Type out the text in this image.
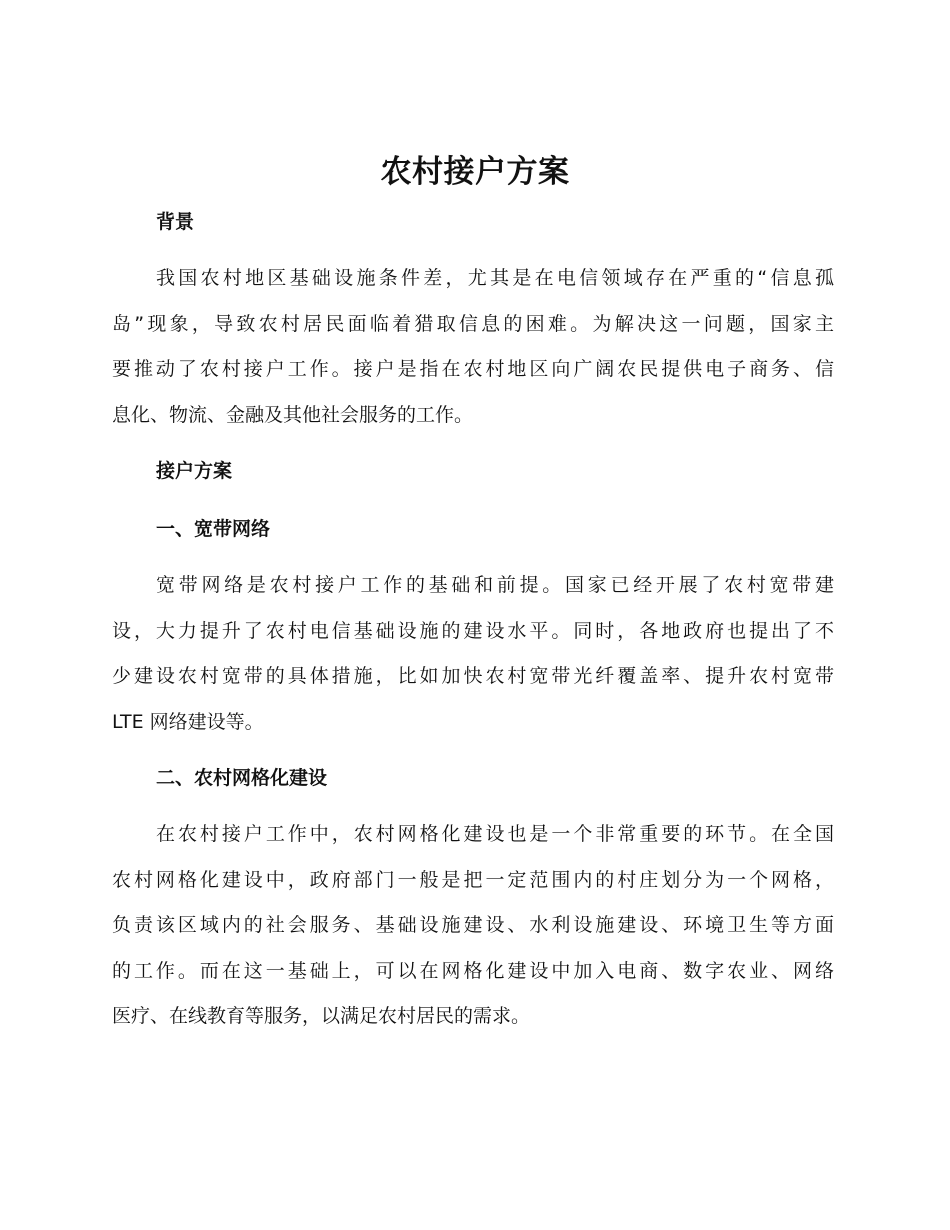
农村接户方案
背景
我国农村地区基础设施条件差，尤其是在电信领域存在严重的“信息孤
岛”现象，导致农村居民面临着猎取信息的困难。为解决这一问题，国家主
要推动了农村接户工作。接户是指在农村地区向广阔农民提供电子商务、信
息化、物流、金融及其他社会服务的工作。
接户方案
一、宽带网络
宽带网络是农村接户工作的基础和前提。国家已经开展了农村宽带建
设，大力提升了农村电信基础设施的建设水平。同时，各地政府也提出了不
少建设农村宽带的具体措施，比如加快农村宽带光纤覆盖率、提升农村宽带
LTE 网络建设等。
二、农村网格化建设
在农村接户工作中，农村网格化建设也是一个非常重要的环节。在全国
农村网格化建设中，政府部门一般是把一定范围内的村庄划分为一个网格，
负责该区域内的社会服务、基础设施建设、水利设施建设、环境卫生等方面
的工作。而在这一基础上，可以在网格化建设中加入电商、数字农业、网络
医疗、在线教育等服务，以满足农村居民的需求。
